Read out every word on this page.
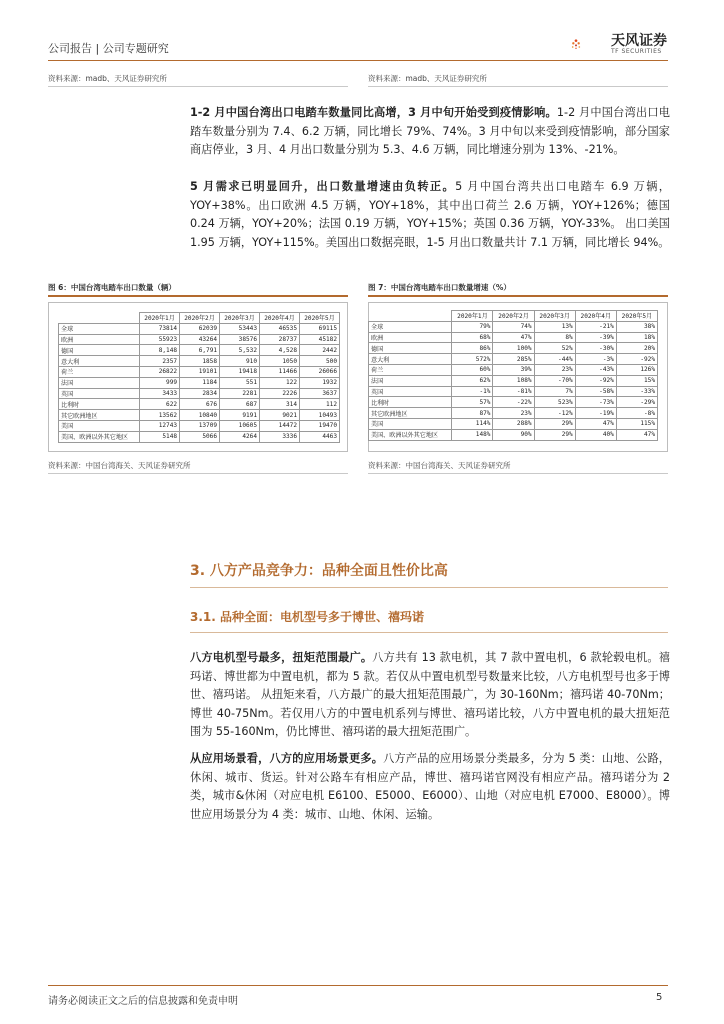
公司报告 | 公司专题研究	天风证券
TF SECURITIES
资料来源：madb、天风证券研究所	资料来源：madb、天风证券研究所
1-2 月中国台湾出口电踏车数量同比高增，3 月中旬开始受到疫情影响。1-2 月中国台湾出口电踏车数量分别为 7.4、6.2 万辆，同比增长 79%、74%。3 月中旬以来受到疫情影响，部分国家商店停业，3 月、4 月出口数量分别为 5.3、4.6 万辆，同比增速分别为 13%、-21%。
5 月需求已明显回升，出口数量增速由负转正。5 月中国台湾共出口电踏车 6.9 万辆，YOY+38%。出口欧洲 4.5 万辆，YOY+18%，其中出口荷兰 2.6 万辆，YOY+126%；德国 0.24 万辆，YOY+20%；法国 0.19 万辆，YOY+15%；英国 0.36 万辆，YOY-33%。 出口美国 1.95 万辆，YOY+115%。美国出口数据亮眼，1-5 月出口数量共计 7.1 万辆，同比增长 94%。
图 6：中国台湾电踏车出口数量（辆）
	2020年1月	2020年2月	2020年3月	2020年4月	2020年5月
全球	73814	62039	53443	46535	69115
欧洲	55923	43264	38576	28737	45182
德国	8,148	6,791	5,532	4,528	2442
意大利	2357	1858	910	1050	500
荷兰	26822	19101	19418	11466	26066
法国	999	1184	551	122	1932
英国	3433	2834	2281	2226	3637
比利时	622	676	687	314	112
其它欧洲地区	13562	10840	9191	9021	10493
美国	12743	13709	10605	14472	19470
美国、欧洲以外其它地区	5148	5066	4264	3336	4463
资料来源：中国台湾海关、天风证券研究所
图 7：中国台湾电踏车出口数量增速（%）
	2020年1月	2020年2月	2020年3月	2020年4月	2020年5月
全球	79%	74%	13%	-21%	38%
欧洲	68%	47%	8%	-39%	18%
德国	86%	100%	52%	-30%	20%
意大利	572%	285%	-44%	-3%	-92%
荷兰	60%	39%	23%	-43%	126%
法国	62%	108%	-70%	-92%	15%
英国	-1%	-81%	7%	-58%	-33%
比利时	57%	-22%	523%	-73%	-29%
其它欧洲地区	87%	23%	-12%	-19%	-8%
美国	114%	288%	29%	47%	115%
美国、欧洲以外其它地区	148%	90%	29%	40%	47%
资料来源：中国台湾海关、天风证券研究所
3. 八方产品竞争力：品种全面且性价比高
3.1. 品种全面：电机型号多于博世、禧玛诺
八方电机型号最多，扭矩范围最广。八方共有 13 款电机，其 7 款中置电机，6 款轮毂电机。禧玛诺、博世都为中置电机，都为 5 款。若仅从中置电机型号数量来比较，八方电机型号也多于博世、禧玛诺。 从扭矩来看，八方最广的最大扭矩范围最广，为 30-160Nm；禧玛诺 40-70Nm；博世 40-75Nm。若仅用八方的中置电机系列与博世、禧玛诺比较，八方中置电机的最大扭矩范围为 55-160Nm，仍比博世、禧玛诺的最大扭矩范围广。
从应用场景看，八方的应用场景更多。八方产品的应用场景分类最多，分为 5 类：山地、公路，休闲、城市、货运。针对公路车有相应产品，博世、禧玛诺官网没有相应产品。禧玛诺分为 2 类，城市&休闲（对应电机 E6100、E5000、E6000）、山地（对应电机 E7000、E8000）。博世应用场景分为 4 类：城市、山地、休闲、运输。
请务必阅读正文之后的信息披露和免责申明	5
